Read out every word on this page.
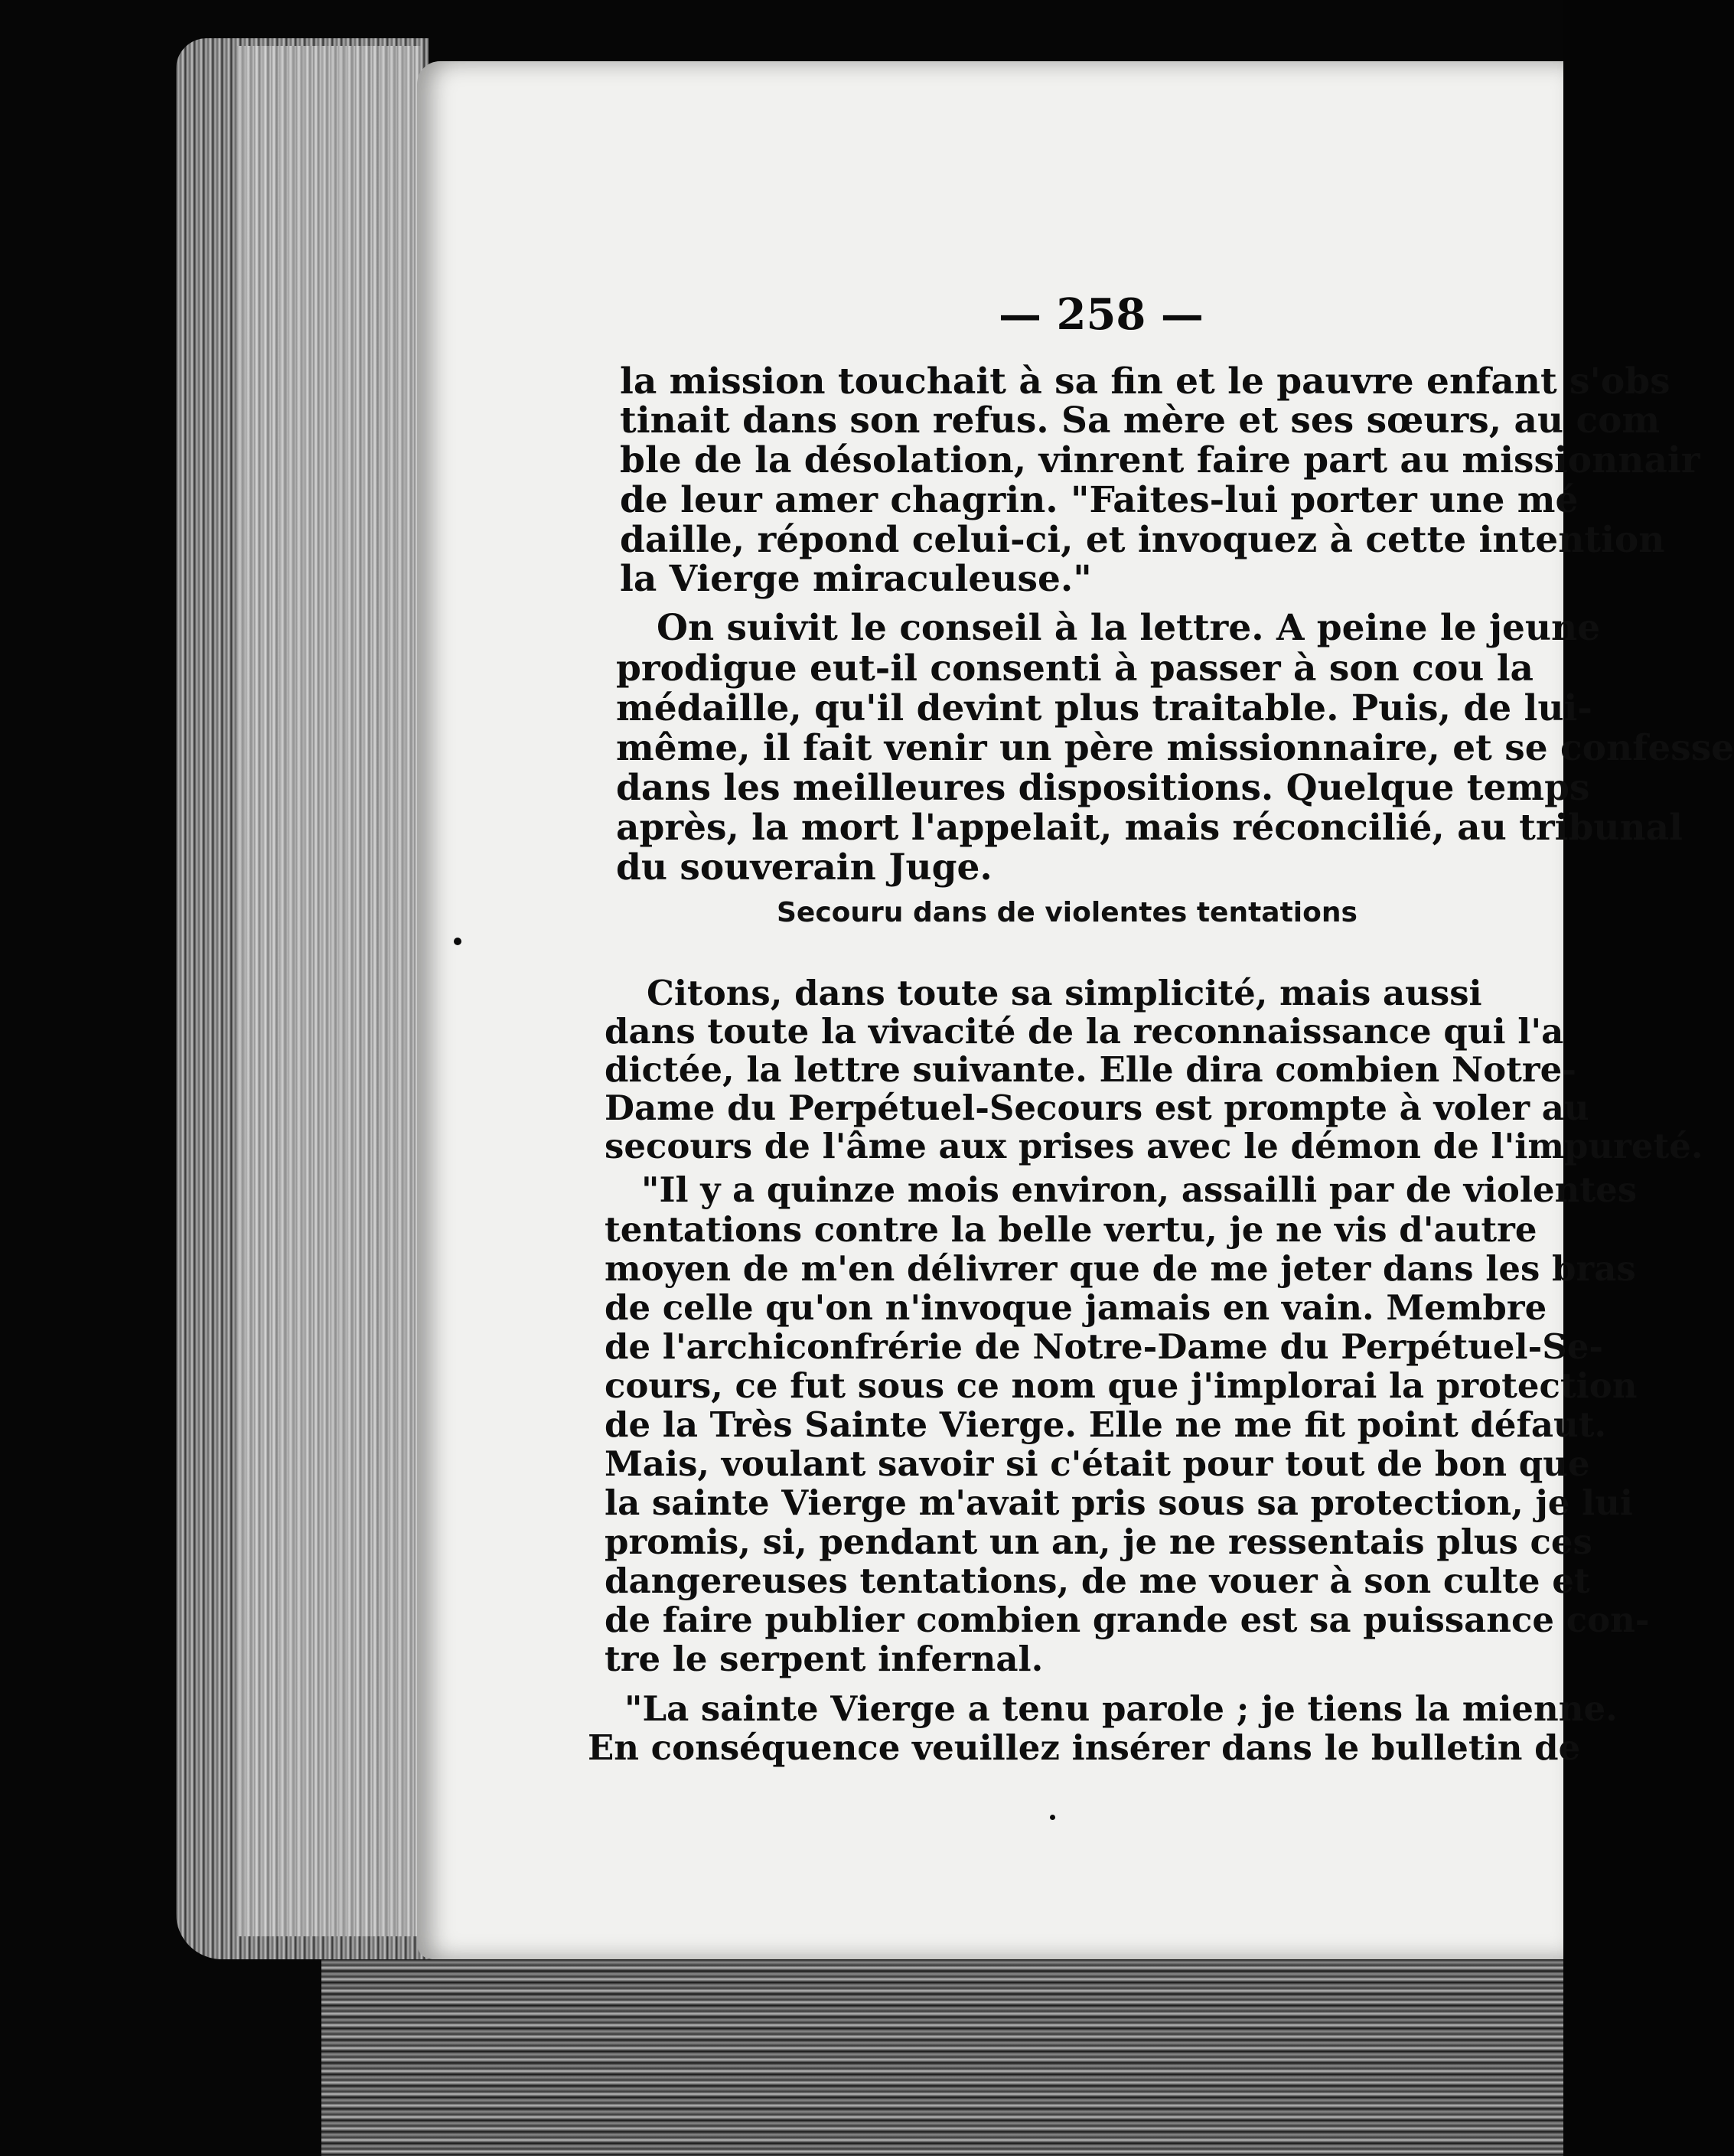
— 258 —

la mission touchait à sa fin et le pauvre enfant s'obs

tinait dans son refus. Sa mère et ses sœurs, au com

ble de la désolation, vinrent faire part au missionnair

de leur amer chagrin. "Faites-lui porter une mé

daille, répond celui-ci, et invoquez à cette intention

la Vierge miraculeuse."

On suivit le conseil à la lettre. A peine le jeune

prodigue eut-il consenti à passer à son cou la

médaille, qu'il devint plus traitable. Puis, de lui-

même, il fait venir un père missionnaire, et se confesse

dans les meilleures dispositions. Quelque temps

après, la mort l'appelait, mais réconcilié, au tribunal

du souverain Juge.

Secouru dans de violentes tentations

Citons, dans toute sa simplicité, mais aussi

dans toute la vivacité de la reconnaissance qui l'a

dictée, la lettre suivante. Elle dira combien Notre-

Dame du Perpétuel-Secours est prompte à voler au

secours de l'âme aux prises avec le démon de l'impureté.

"Il y a quinze mois environ, assailli par de violentes

tentations contre la belle vertu, je ne vis d'autre

moyen de m'en délivrer que de me jeter dans les bras

de celle qu'on n'invoque jamais en vain. Membre

de l'archiconfrérie de Notre-Dame du Perpétuel-Se-

cours, ce fut sous ce nom que j'implorai la protection

de la Très Sainte Vierge. Elle ne me fit point défaut.

Mais, voulant savoir si c'était pour tout de bon que

la sainte Vierge m'avait pris sous sa protection, je lui

promis, si, pendant un an, je ne ressentais plus ces

dangereuses tentations, de me vouer à son culte et

de faire publier combien grande est sa puissance con-

tre le serpent infernal.

"La sainte Vierge a tenu parole ; je tiens la mienne.

En conséquence veuillez insérer dans le bulletin de
